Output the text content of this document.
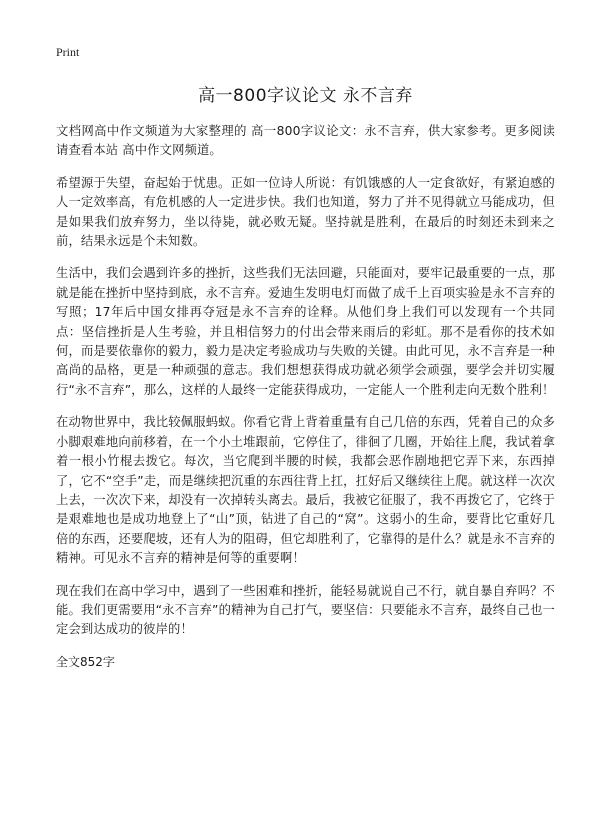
Print
高一800字议论文 永不言弃

文档网高中作文频道为大家整理的 高一800字议论文：永不言弃，供大家参考。更多阅读请查看本站 高中作文网频道。

希望源于失望，奋起始于忧患。正如一位诗人所说：有饥饿感的人一定食欲好，有紧迫感的人一定效率高，有危机感的人一定进步快。我们也知道，努力了并不见得就立马能成功，但是如果我们放弃努力，坐以待毙，就必败无疑。坚持就是胜利，在最后的时刻还未到来之前，结果永远是个未知数。

生活中，我们会遇到许多的挫折，这些我们无法回避，只能面对，要牢记最重要的一点，那就是能在挫折中坚持到底，永不言弃。爱迪生发明电灯而做了成千上百项实验是永不言弃的写照；17年后中国女排再夺冠是永不言弃的诠释。从他们身上我们可以发现有一个共同点：坚信挫折是人生考验，并且相信努力的付出会带来雨后的彩虹。那不是看你的技术如何，而是要依靠你的毅力，毅力是决定考验成功与失败的关键。由此可见，永不言弃是一种高尚的品格，更是一种顽强的意志。我们想想获得成功就必须学会顽强，要学会并切实履行“永不言弃”，那么，这样的人最终一定能获得成功，一定能人一个胜利走向无数个胜利！

在动物世界中，我比较佩服蚂蚁。你看它背上背着重量有自己几倍的东西，凭着自己的众多小脚艰难地向前移着，在一个小土堆跟前，它停住了，徘徊了几圈，开始往上爬，我试着拿着一根小竹棍去拨它。每次，当它爬到半腰的时候，我都会恶作剧地把它弄下来，东西掉了，它不“空手”走，而是继续把沉重的东西往背上扛，扛好后又继续往上爬。就这样一次次上去，一次次下来，却没有一次掉转头离去。最后，我被它征服了，我不再拨它了，它终于是艰难地也是成功地登上了“山”顶，钻进了自己的“窝”。这弱小的生命，要背比它重好几倍的东西，还要爬坡，还有人为的阻碍，但它却胜利了，它靠得的是什么？就是永不言弃的精神。可见永不言弃的精神是何等的重要啊！

现在我们在高中学习中，遇到了一些困难和挫折，能轻易就说自己不行，就自暴自弃吗？不能。我们更需要用“永不言弃”的精神为自己打气，要坚信：只要能永不言弃，最终自己也一定会到达成功的彼岸的！

全文852字
